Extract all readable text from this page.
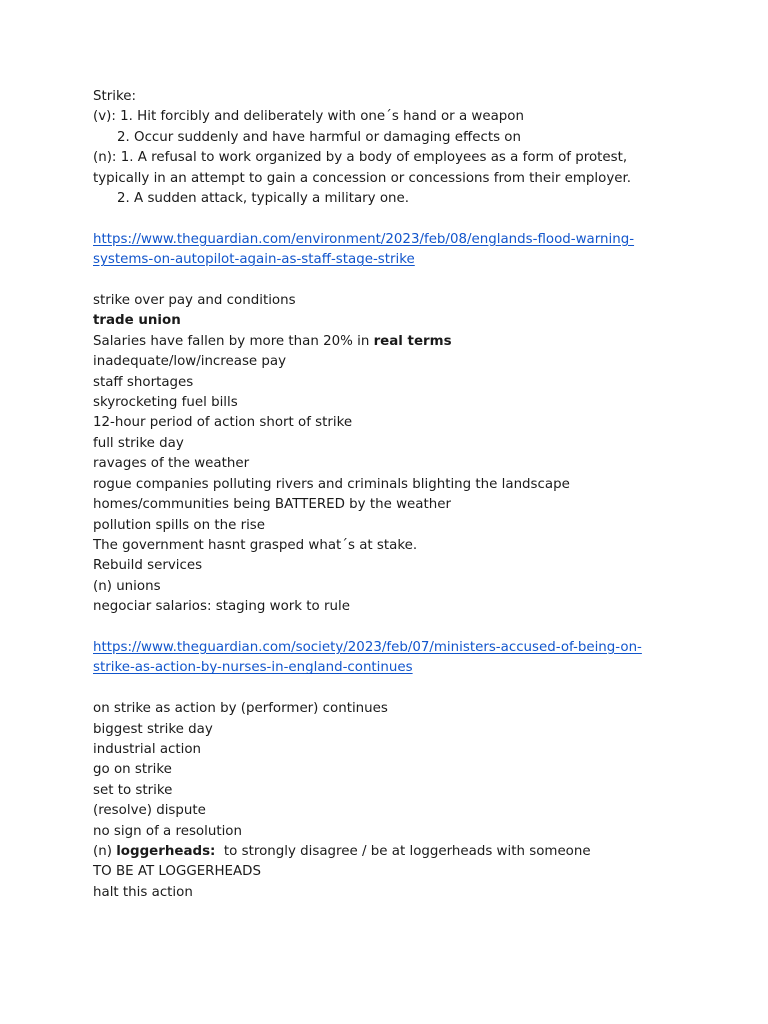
Strike:
(v): 1. Hit forcibly and deliberately with one´s hand or a weapon
2. Occur suddenly and have harmful or damaging effects on
(n): 1. A refusal to work organized by a body of employees as a form of protest,
typically in an attempt to gain a concession or concessions from their employer.
2. A sudden attack, typically a military one.
https://www.theguardian.com/environment/2023/feb/08/englands-flood-warning-
systems-on-autopilot-again-as-staff-stage-strike
strike over pay and conditions
trade union
Salaries have fallen by more than 20% in real terms
inadequate/low/increase pay
staff shortages
skyrocketing fuel bills
12-hour period of action short of strike
full strike day
ravages of the weather
rogue companies polluting rivers and criminals blighting the landscape
homes/communities being BATTERED by the weather
pollution spills on the rise
The government hasnt grasped what´s at stake.
Rebuild services
(n) unions
negociar salarios: staging work to rule
https://www.theguardian.com/society/2023/feb/07/ministers-accused-of-being-on-
strike-as-action-by-nurses-in-england-continues
on strike as action by (performer) continues
biggest strike day
industrial action
go on strike
set to strike
(resolve) dispute
no sign of a resolution
(n) loggerheads:  to strongly disagree / be at loggerheads with someone
TO BE AT LOGGERHEADS
halt this action
